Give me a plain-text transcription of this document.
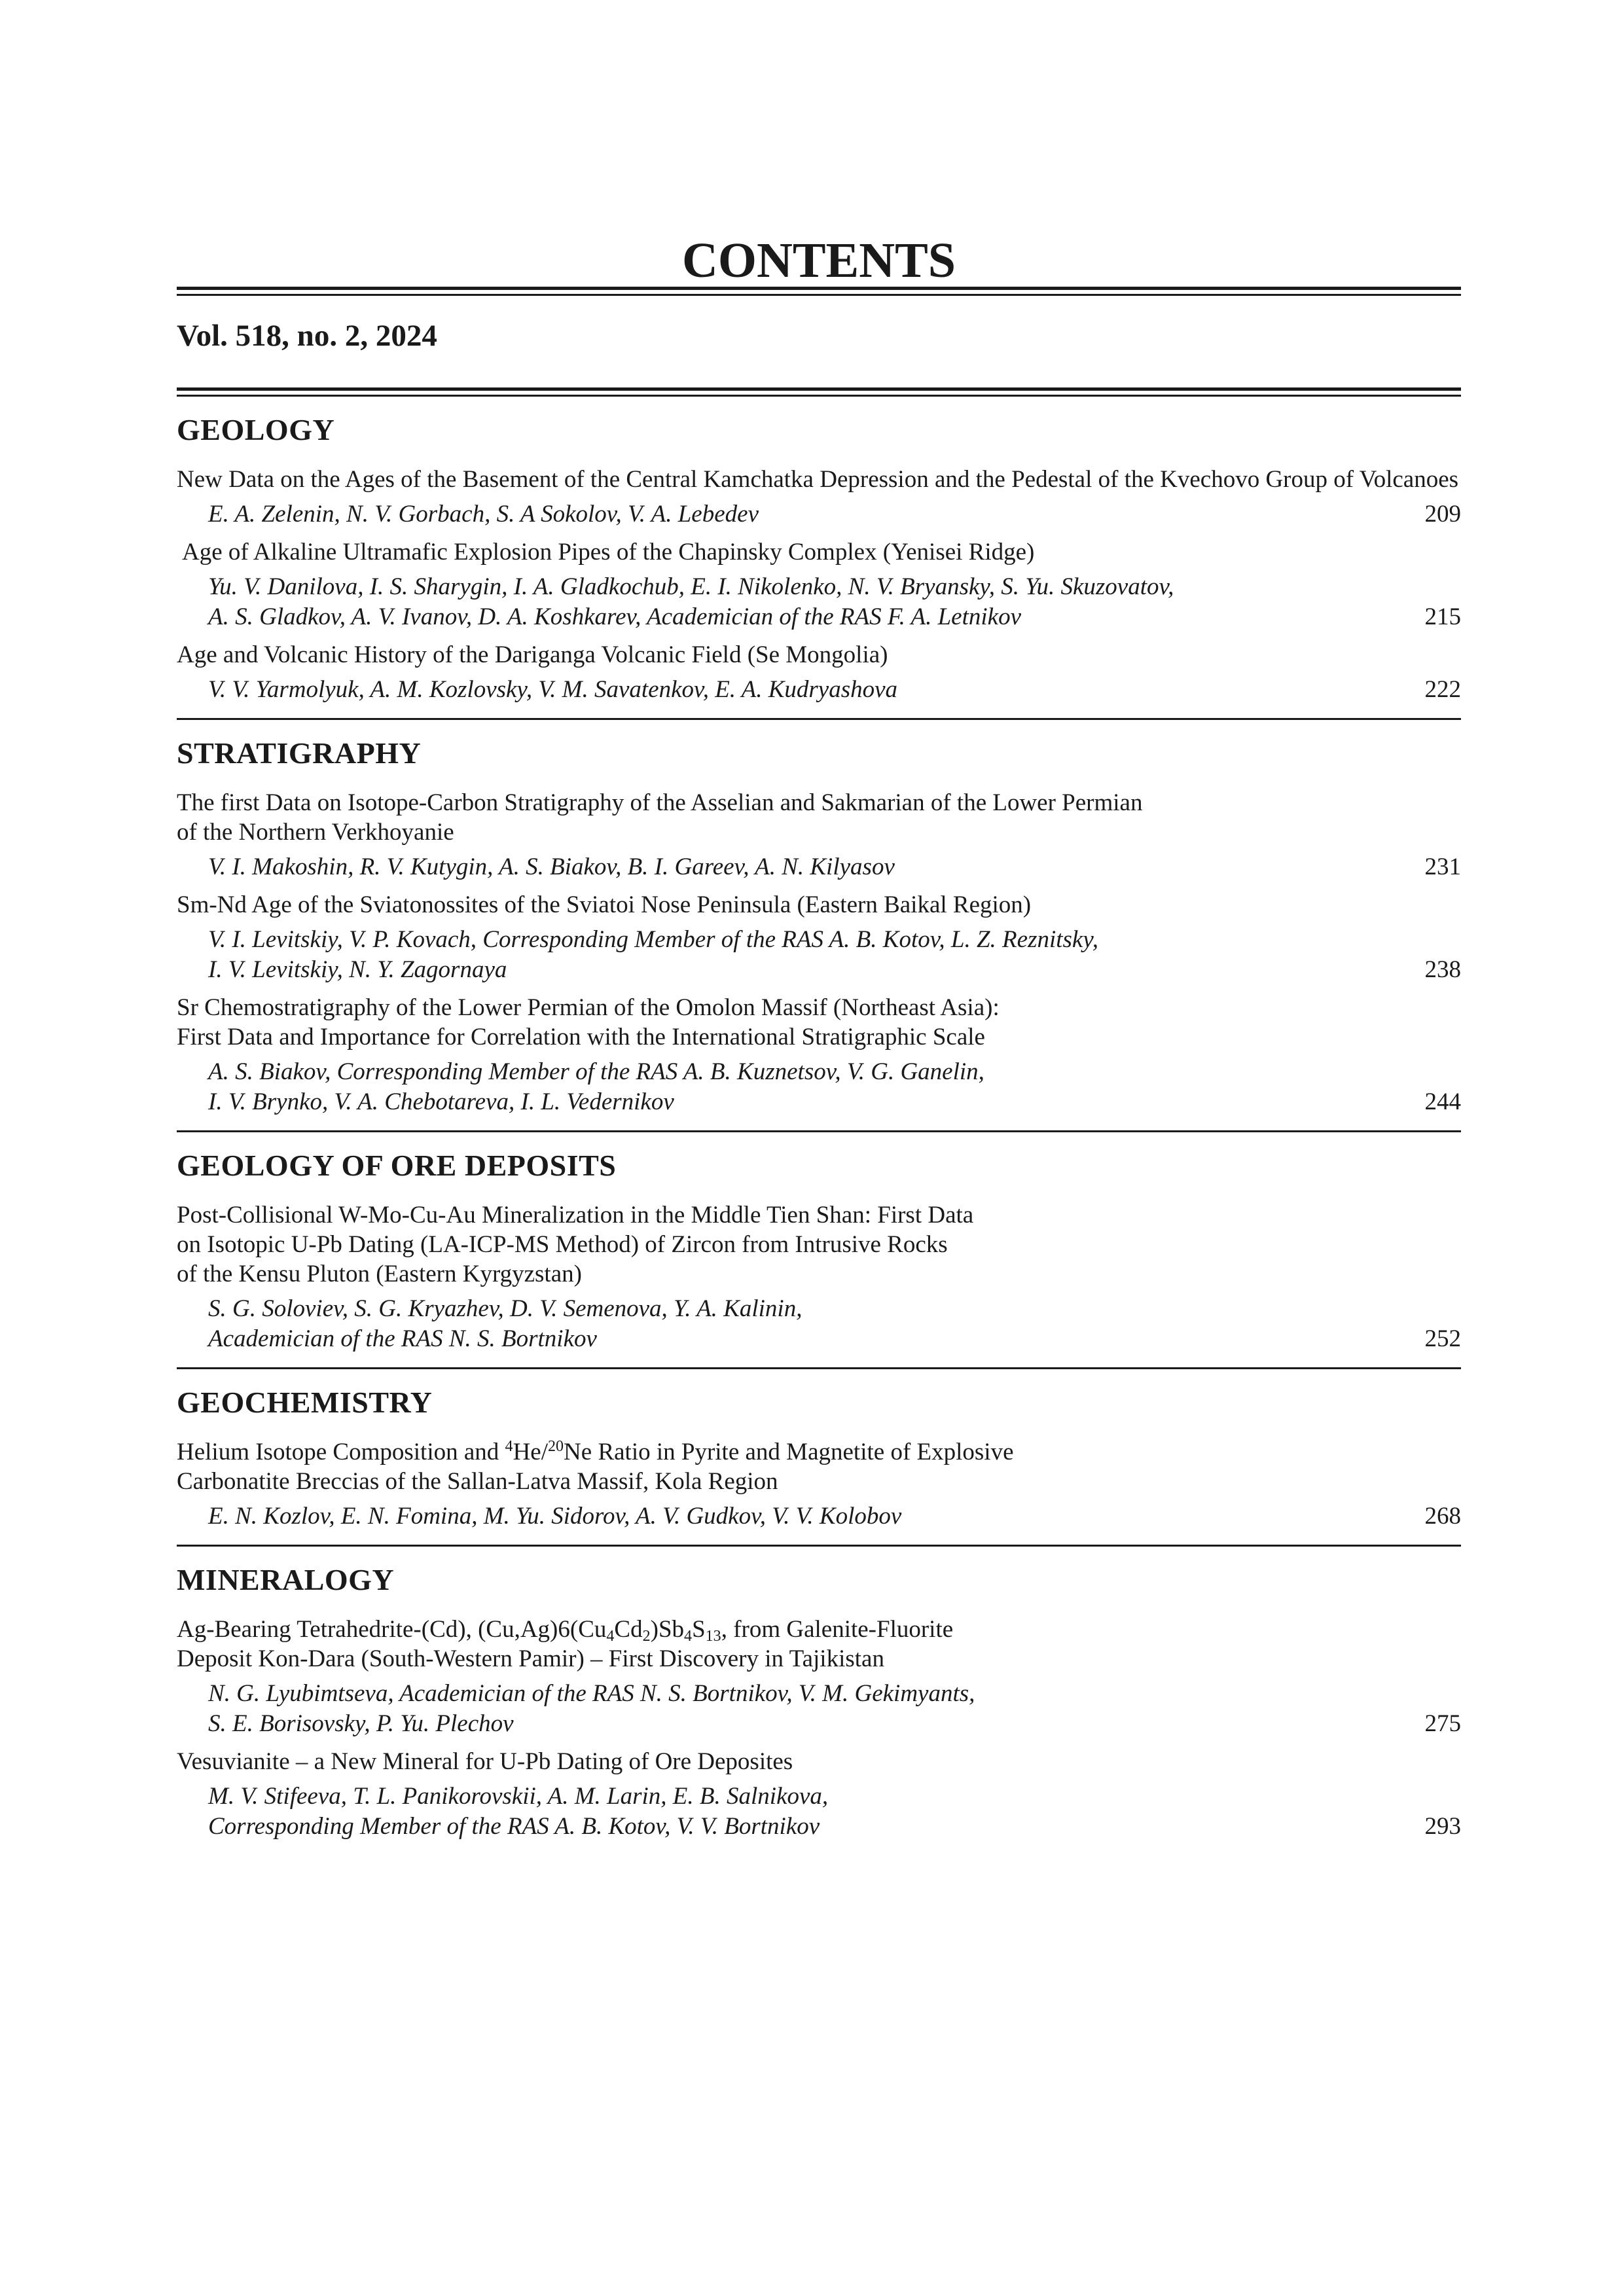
CONTENTS
Vol. 518, no. 2, 2024
GEOLOGY

New Data on the Ages of the Basement of the Central Kamchatka Depression and the Pedestal of the Kvechovo Group of Volcanoes

E. A. Zelenin, N. V. Gorbach, S. A Sokolov, V. A. Lebedev	209

Age of Alkaline Ultramafic Explosion Pipes of the Chapinsky Complex (Yenisei Ridge)

Yu. V. Danilova, I. S. Sharygin, I. A. Gladkochub, E. I. Nikolenko, N. V. Bryansky, S. Yu. Skuzovatov,
A. S. Gladkov, A. V. Ivanov, D. A. Koshkarev, Academician of the RAS F. A. Letnikov	215

Age and Volcanic History of the Dariganga Volcanic Field (Se Mongolia)

V. V. Yarmolyuk, A. M. Kozlovsky, V. M. Savatenkov, E. A. Kudryashova	222
STRATIGRAPHY

The first Data on Isotope-Carbon Stratigraphy of the Asselian and Sakmarian of the Lower Permian
of the Northern Verkhoyanie

V. I. Makoshin, R. V. Kutygin, A. S. Biakov, B. I. Gareev, A. N. Kilyasov	231

Sm-Nd Age of the Sviatonossites of the Sviatoi Nose Peninsula (Eastern Baikal Region)

V. I. Levitskiy, V. P. Kovach, Corresponding Member of the RAS A. B. Kotov, L. Z. Reznitsky,
I. V. Levitskiy, N. Y. Zagornaya	238

Sr Chemostratigraphy of the Lower Permian of the Omolon Massif (Northeast Asia):
First Data and Importance for Correlation with the International Stratigraphic Scale

A. S. Biakov, Corresponding Member of the RAS A. B. Kuznetsov, V. G. Ganelin,
I. V. Brynko, V. A. Chebotareva, I. L. Vedernikov	244
GEOLOGY OF ORE DEPOSITS

Post-Collisional W-Mo-Cu-Au Mineralization in the Middle Tien Shan: First Data
on Isotopic U-Pb Dating (LA-ICP-MS Method) of Zircon from Intrusive Rocks
of the Kensu Pluton (Eastern Kyrgyzstan)

S. G. Soloviev, S. G. Kryazhev, D. V. Semenova, Y. A. Kalinin,
Academician of the RAS N. S. Bortnikov	252
GEOCHEMISTRY

Helium Isotope Composition and $^4$He/$^{20}$Ne Ratio in Pyrite and Magnetite of Explosive
Carbonatite Breccias of the Sallan-Latva Massif, Kola Region

E. N. Kozlov, E. N. Fomina, M. Yu. Sidorov, A. V. Gudkov, V. V. Kolobov	268
MINERALOGY

Ag-Bearing Tetrahedrite-(Cd), $(Cu,Ag)6(Cu_4Cd_2)Sb_4S_{13}$, from Galenite-Fluorite
Deposit Kon-Dara (South-Western Pamir) – First Discovery in Tajikistan

N. G. Lyubimtseva, Academician of the RAS N. S. Bortnikov, V. M. Gekimyants,
S. E. Borisovsky, P. Yu. Plechov	275

Vesuvianite – a New Mineral for U-Pb Dating of Ore Deposites

M. V. Stifeeva, T. L. Panikorovskii, A. M. Larin, E. B. Salnikova,
Corresponding Member of the RAS A. B. Kotov, V. V. Bortnikov	293
